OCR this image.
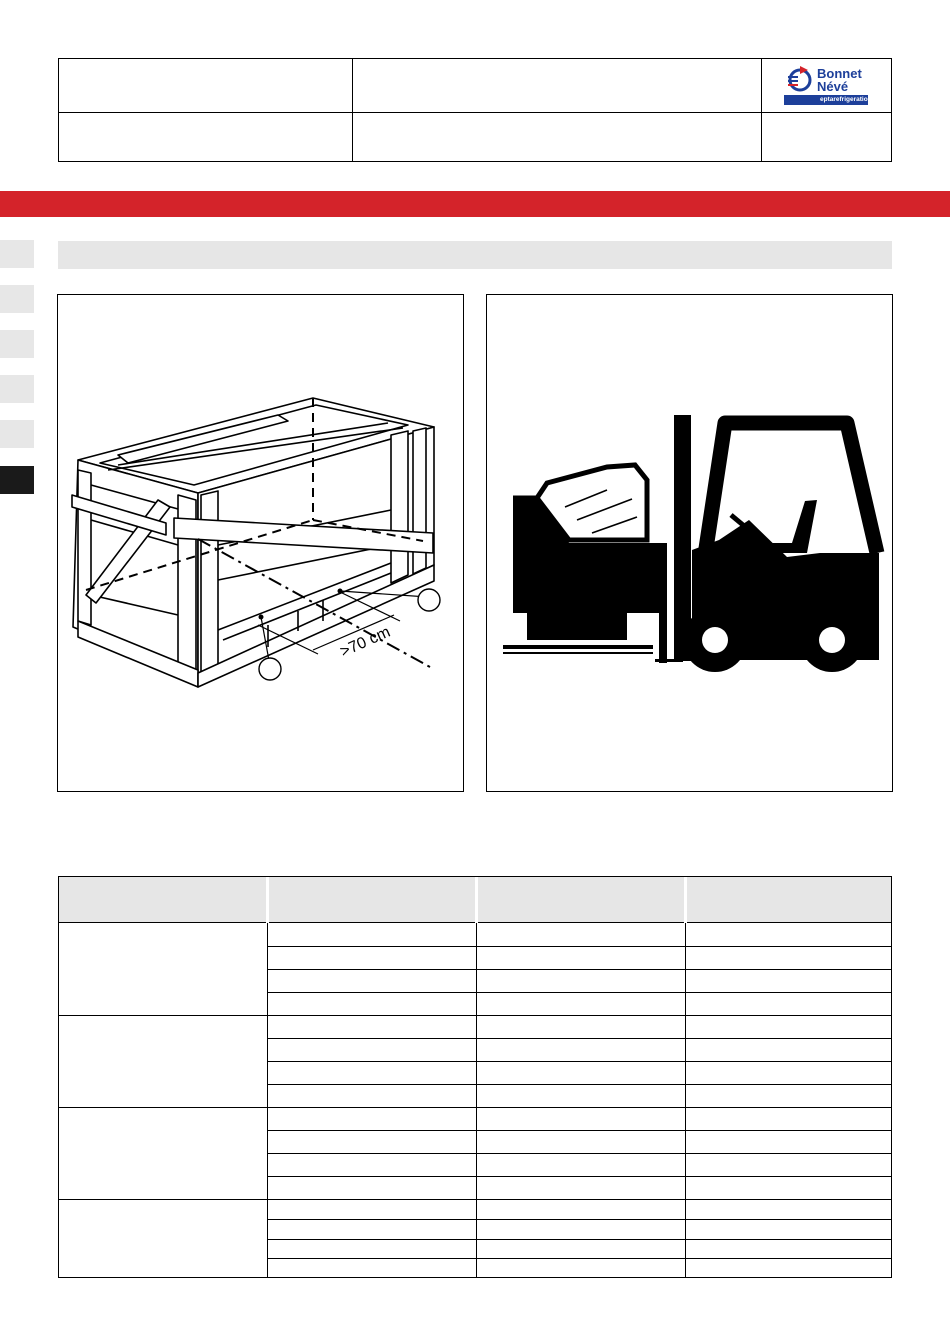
Bonnet
Névé
eptarefrigeration
>70 cm
